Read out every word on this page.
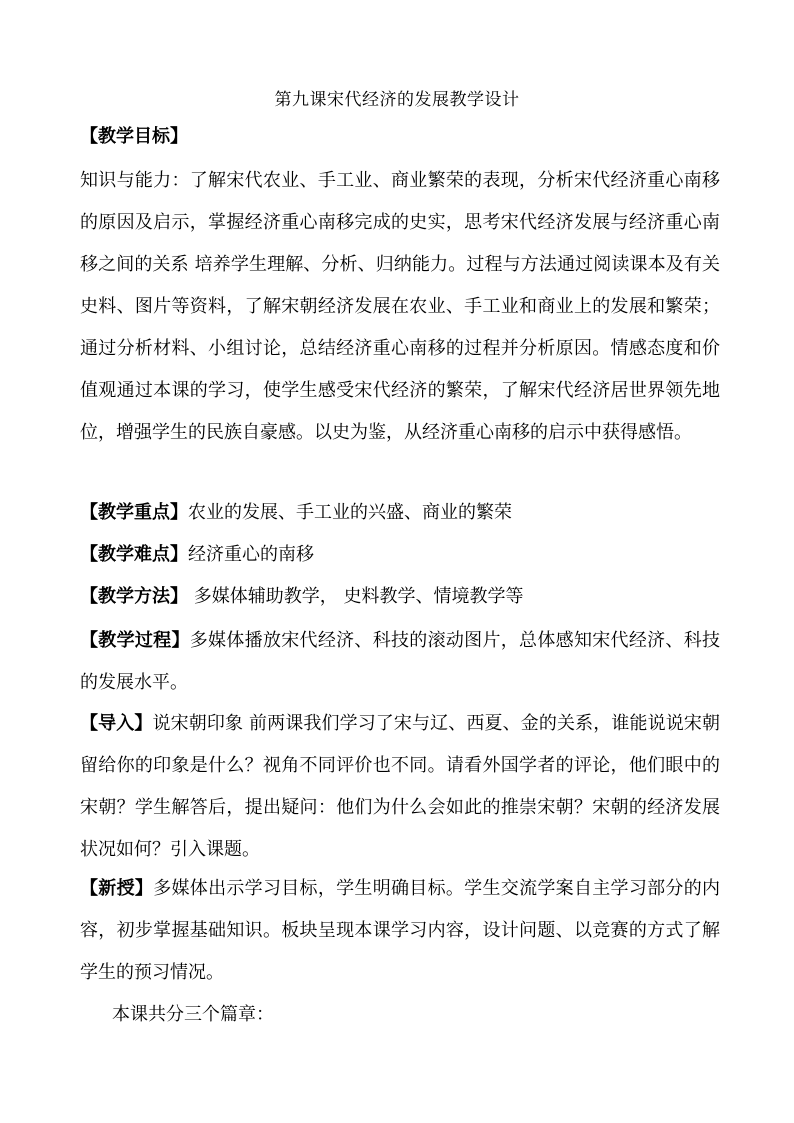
第九课宋代经济的发展教学设计
【教学目标】
知识与能力：了解宋代农业、手工业、商业繁荣的表现，分析宋代经济重心南移的原因及启示，掌握经济重心南移完成的史实，思考宋代经济发展与经济重心南移之间的关系 培养学生理解、分析、归纳能力。过程与方法通过阅读课本及有关史料、图片等资料，了解宋朝经济发展在农业、手工业和商业上的发展和繁荣；通过分析材料、小组讨论，总结经济重心南移的过程并分析原因。情感态度和价值观通过本课的学习，使学生感受宋代经济的繁荣，了解宋代经济居世界领先地位，增强学生的民族自豪感。以史为鉴，从经济重心南移的启示中获得感悟。
【教学重点】农业的发展、手工业的兴盛、商业的繁荣
【教学难点】经济重心的南移
【教学方法】 多媒体辅助教学， 史料教学、情境教学等
【教学过程】多媒体播放宋代经济、科技的滚动图片，总体感知宋代经济、科技的发展水平。
【导入】说宋朝印象 前两课我们学习了宋与辽、西夏、金的关系，谁能说说宋朝留给你的印象是什么？视角不同评价也不同。请看外国学者的评论，他们眼中的宋朝？学生解答后，提出疑问：他们为什么会如此的推崇宋朝？宋朝的经济发展状况如何？引入课题。
【新授】多媒体出示学习目标，学生明确目标。学生交流学案自主学习部分的内容，初步掌握基础知识。板块呈现本课学习内容，设计问题、以竞赛的方式了解学生的预习情况。
本课共分三个篇章：
